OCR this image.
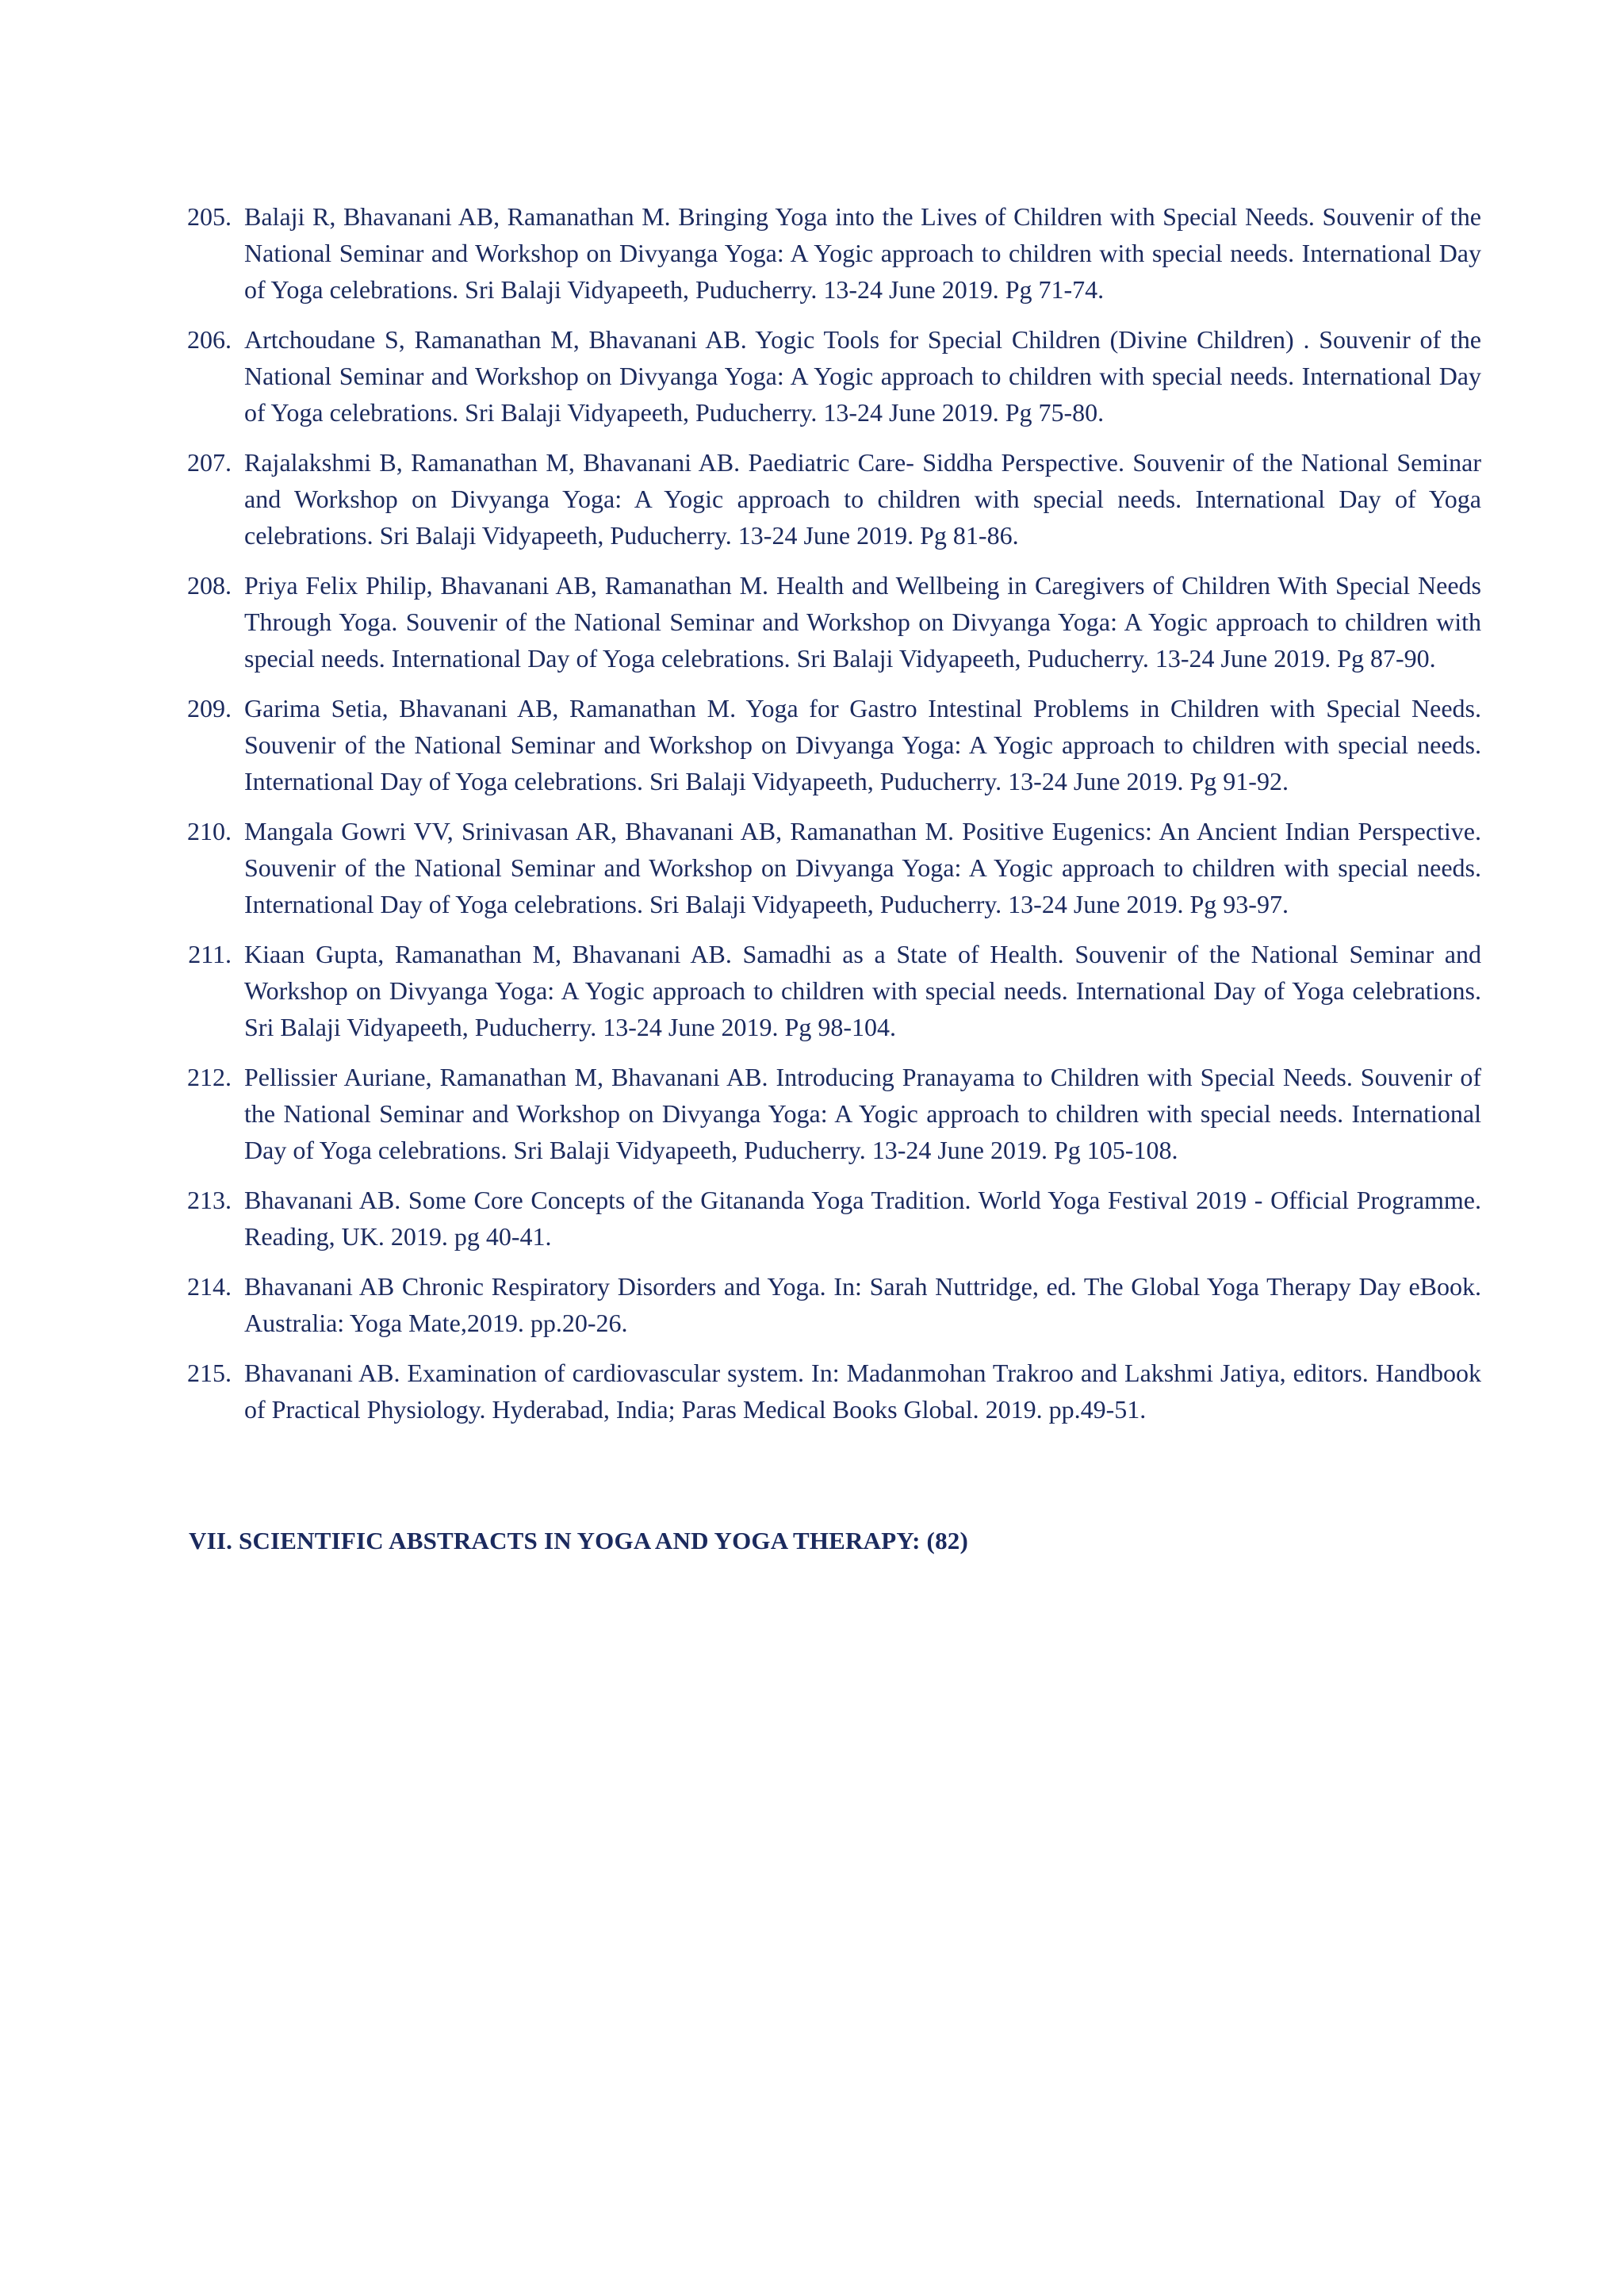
205. Balaji R, Bhavanani AB, Ramanathan M. Bringing Yoga into the Lives of Children with Special Needs. Souvenir of the National Seminar and Workshop on Divyanga Yoga: A Yogic approach to children with special needs. International Day of Yoga celebrations. Sri Balaji Vidyapeeth, Puducherry. 13-24 June 2019. Pg 71-74.
206. Artchoudane S, Ramanathan M, Bhavanani AB. Yogic Tools for Special Children (Divine Children) . Souvenir of the National Seminar and Workshop on Divyanga Yoga: A Yogic approach to children with special needs. International Day of Yoga celebrations. Sri Balaji Vidyapeeth, Puducherry. 13-24 June 2019. Pg 75-80.
207. Rajalakshmi B, Ramanathan M, Bhavanani AB. Paediatric Care- Siddha Perspective. Souvenir of the National Seminar and Workshop on Divyanga Yoga: A Yogic approach to children with special needs. International Day of Yoga celebrations. Sri Balaji Vidyapeeth, Puducherry. 13-24 June 2019. Pg 81-86.
208. Priya Felix Philip, Bhavanani AB, Ramanathan M. Health and Wellbeing in Caregivers of Children With Special Needs Through Yoga. Souvenir of the National Seminar and Workshop on Divyanga Yoga: A Yogic approach to children with special needs. International Day of Yoga celebrations. Sri Balaji Vidyapeeth, Puducherry. 13-24 June 2019. Pg 87-90.
209. Garima Setia, Bhavanani AB, Ramanathan M. Yoga for Gastro Intestinal Problems in Children with Special Needs. Souvenir of the National Seminar and Workshop on Divyanga Yoga: A Yogic approach to children with special needs. International Day of Yoga celebrations. Sri Balaji Vidyapeeth, Puducherry. 13-24 June 2019. Pg 91-92.
210. Mangala Gowri VV, Srinivasan AR, Bhavanani AB, Ramanathan M. Positive Eugenics: An Ancient Indian Perspective. Souvenir of the National Seminar and Workshop on Divyanga Yoga: A Yogic approach to children with special needs. International Day of Yoga celebrations. Sri Balaji Vidyapeeth, Puducherry. 13-24 June 2019. Pg 93-97.
211. Kiaan Gupta, Ramanathan M, Bhavanani AB. Samadhi as a State of Health. Souvenir of the National Seminar and Workshop on Divyanga Yoga: A Yogic approach to children with special needs. International Day of Yoga celebrations. Sri Balaji Vidyapeeth, Puducherry. 13-24 June 2019. Pg 98-104.
212. Pellissier Auriane, Ramanathan M, Bhavanani AB. Introducing Pranayama to Children with Special Needs. Souvenir of the National Seminar and Workshop on Divyanga Yoga: A Yogic approach to children with special needs. International Day of Yoga celebrations. Sri Balaji Vidyapeeth, Puducherry. 13-24 June 2019. Pg 105-108.
213. Bhavanani AB. Some Core Concepts of the Gitananda Yoga Tradition. World Yoga Festival 2019 - Official Programme. Reading, UK. 2019. pg 40-41.
214. Bhavanani AB Chronic Respiratory Disorders and Yoga. In: Sarah Nuttridge, ed. The Global Yoga Therapy Day eBook. Australia: Yoga Mate,2019. pp.20-26.
215. Bhavanani AB. Examination of cardiovascular system. In: Madanmohan Trakroo and Lakshmi Jatiya, editors. Handbook of Practical Physiology. Hyderabad, India; Paras Medical Books Global. 2019. pp.49-51.
VII. SCIENTIFIC ABSTRACTS IN YOGA AND YOGA THERAPY: (82)
